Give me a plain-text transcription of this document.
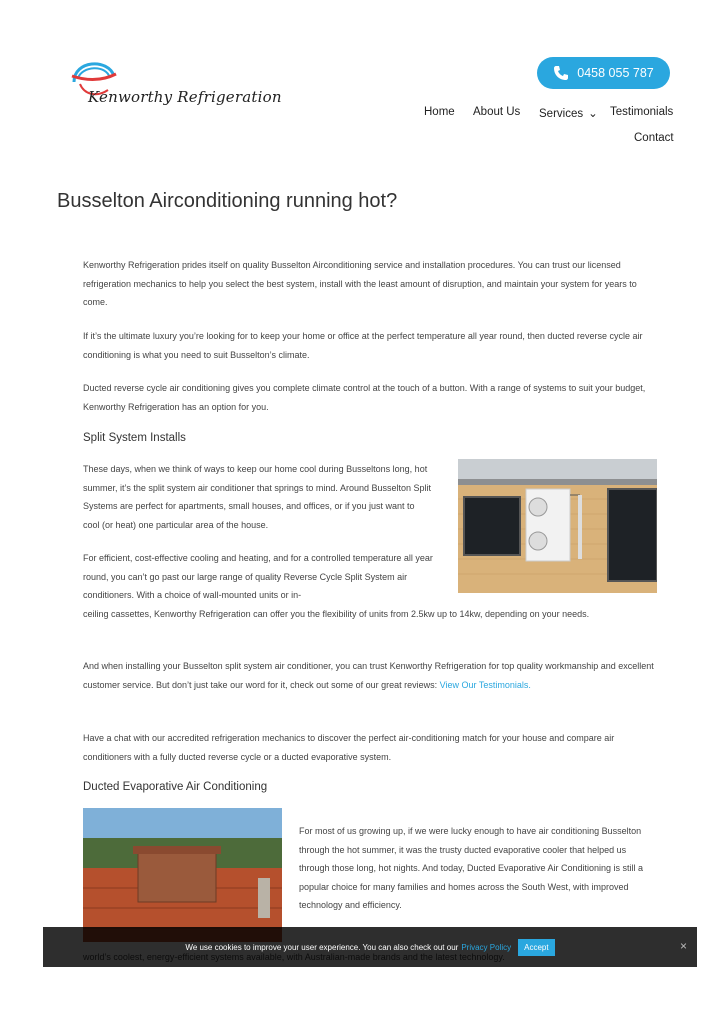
Kenworthy Refrigeration
0458 055 787
Home About Us Services ⌄ Testimonials
Contact
Busselton Airconditioning running hot?

Kenworthy Refrigeration prides itself on quality Busselton Airconditioning service and installation procedures. You can trust our licensed refrigeration mechanics to help you select the best system, install with the least amount of disruption, and maintain your system for years to come.

If it’s the ultimate luxury you’re looking for to keep your home or office at the perfect temperature all year round, then ducted reverse cycle air conditioning is what you need to suit Busselton’s climate.

Ducted reverse cycle air conditioning gives you complete climate control at the touch of a button. With a range of systems to suit your budget, Kenworthy Refrigeration has an option for you.

Split System Installs

These days, when we think of ways to keep our home cool during Busseltons long, hot summer, it’s the split system air conditioner that springs to mind. Around Busselton Split Systems are perfect for apartments, small houses, and offices, or if you just want to cool (or heat) one particular area of the house.

For efficient, cost-effective cooling and heating, and for a controlled temperature all year round, you can’t go past our large range of quality Reverse Cycle Split System air conditioners. With a choice of wall-mounted units or in-

ceiling cassettes, Kenworthy Refrigeration can offer you the flexibility of units from 2.5kw up to 14kw, depending on your needs.

And when installing your Busselton split system air conditioner, you can trust Kenworthy Refrigeration for top quality workmanship and excellent customer service. But don’t just take our word for it, check out some of our great reviews: View Our Testimonials.

Have a chat with our accredited refrigeration mechanics to discover the perfect air-conditioning match for your house and compare air conditioners with a fully ducted reverse cycle or a ducted evaporative system.

Ducted Evaporative Air Conditioning

For most of us growing up, if we were lucky enough to have air conditioning Busselton through the hot summer, it was the trusty ducted evaporative cooler that helped us through those long, hot nights. And today, Ducted Evaporative Air Conditioning is still a popular choice for many families and homes across the South West, with improved technology and efficiency.

We use cookies to improve your user experience. You can also check out our Privacy Policy	Accept	×
